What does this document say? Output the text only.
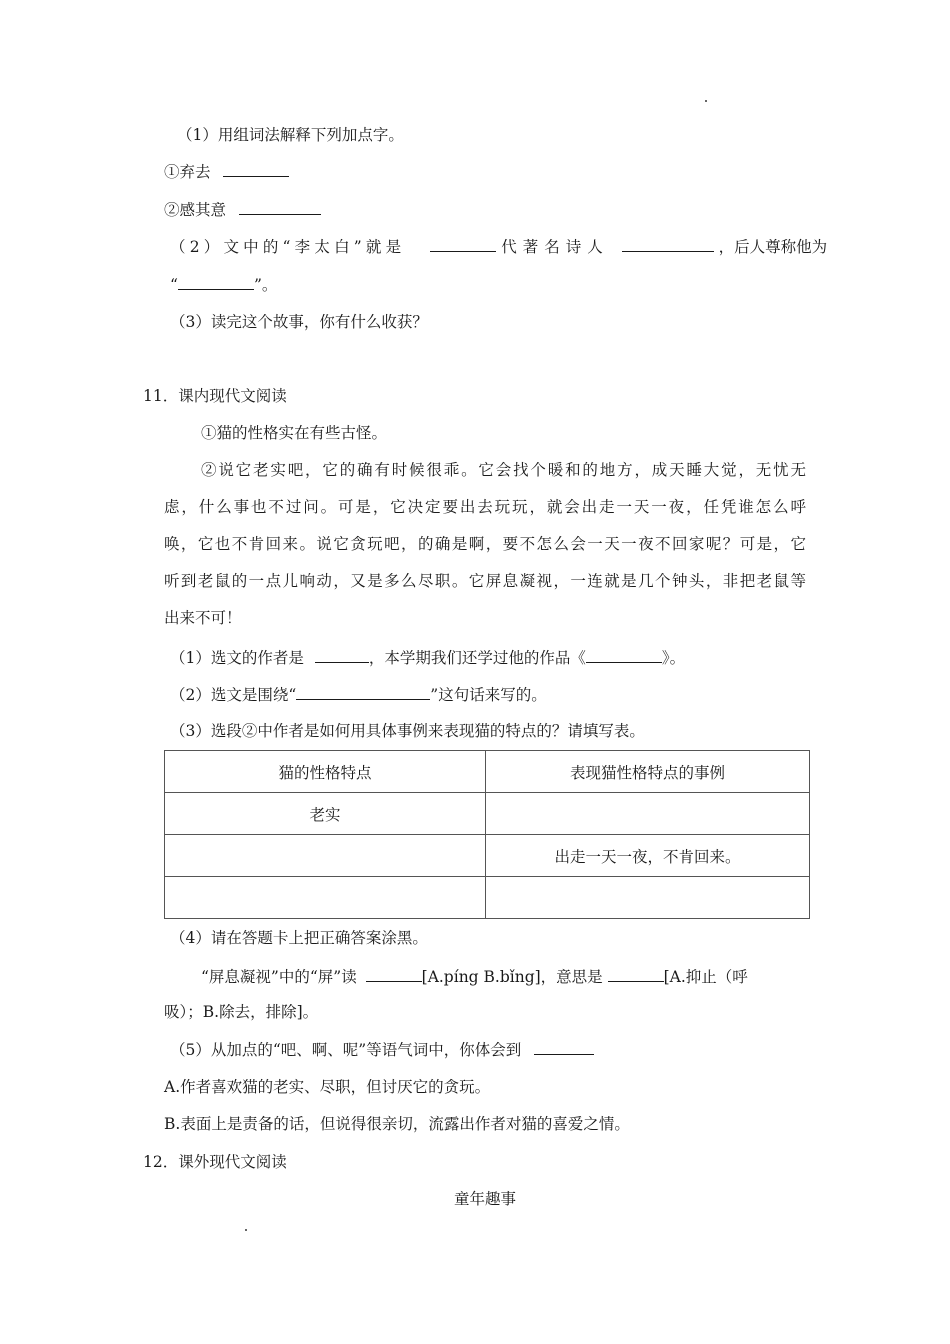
（1）用组词法解释下列加点字。
①弃去
②感其意
（2）文中的“李太白”就是	代著名诗人	，后人尊称他为
“	”。
（3）读完这个故事，你有什么收获？
11．课内现代文阅读
①猫的性格实在有些古怪。
②说它老实吧，它的确有时候很乖。它会找个暖和的地方，成天睡大觉，无忧无
虑，什么事也不过问。可是，它决定要出去玩玩，就会出走一天一夜，任凭谁怎么呼
唤，它也不肯回来。说它贪玩吧，的确是啊，要不怎么会一天一夜不回家呢？可是，它
听到老鼠的一点儿响动，又是多么尽职。它屏息凝视，一连就是几个钟头，非把老鼠等
出来不可！
（1）选文的作者是	，本学期我们还学过他的作品《	》。
（2）选文是围绕“	”这句话来写的。
（3）选段②中作者是如何用具体事例来表现猫的特点的？请填写表。
猫的性格特点	表现猫性格特点的事例
老实	
	出走一天一夜，不肯回来。

（4）请在答题卡上把正确答案涂黑。
“屏息凝视”中的“屏”读	[A.píng B.bǐng]，意思是	[A.抑止（呼
吸）；B.除去，排除]。
（5）从加点的“吧、啊、呢”等语气词中，你体会到
A.作者喜欢猫的老实、尽职，但讨厌它的贪玩。
B.表面上是责备的话，但说得很亲切，流露出作者对猫的喜爱之情。
12．课外现代文阅读
童年趣事
